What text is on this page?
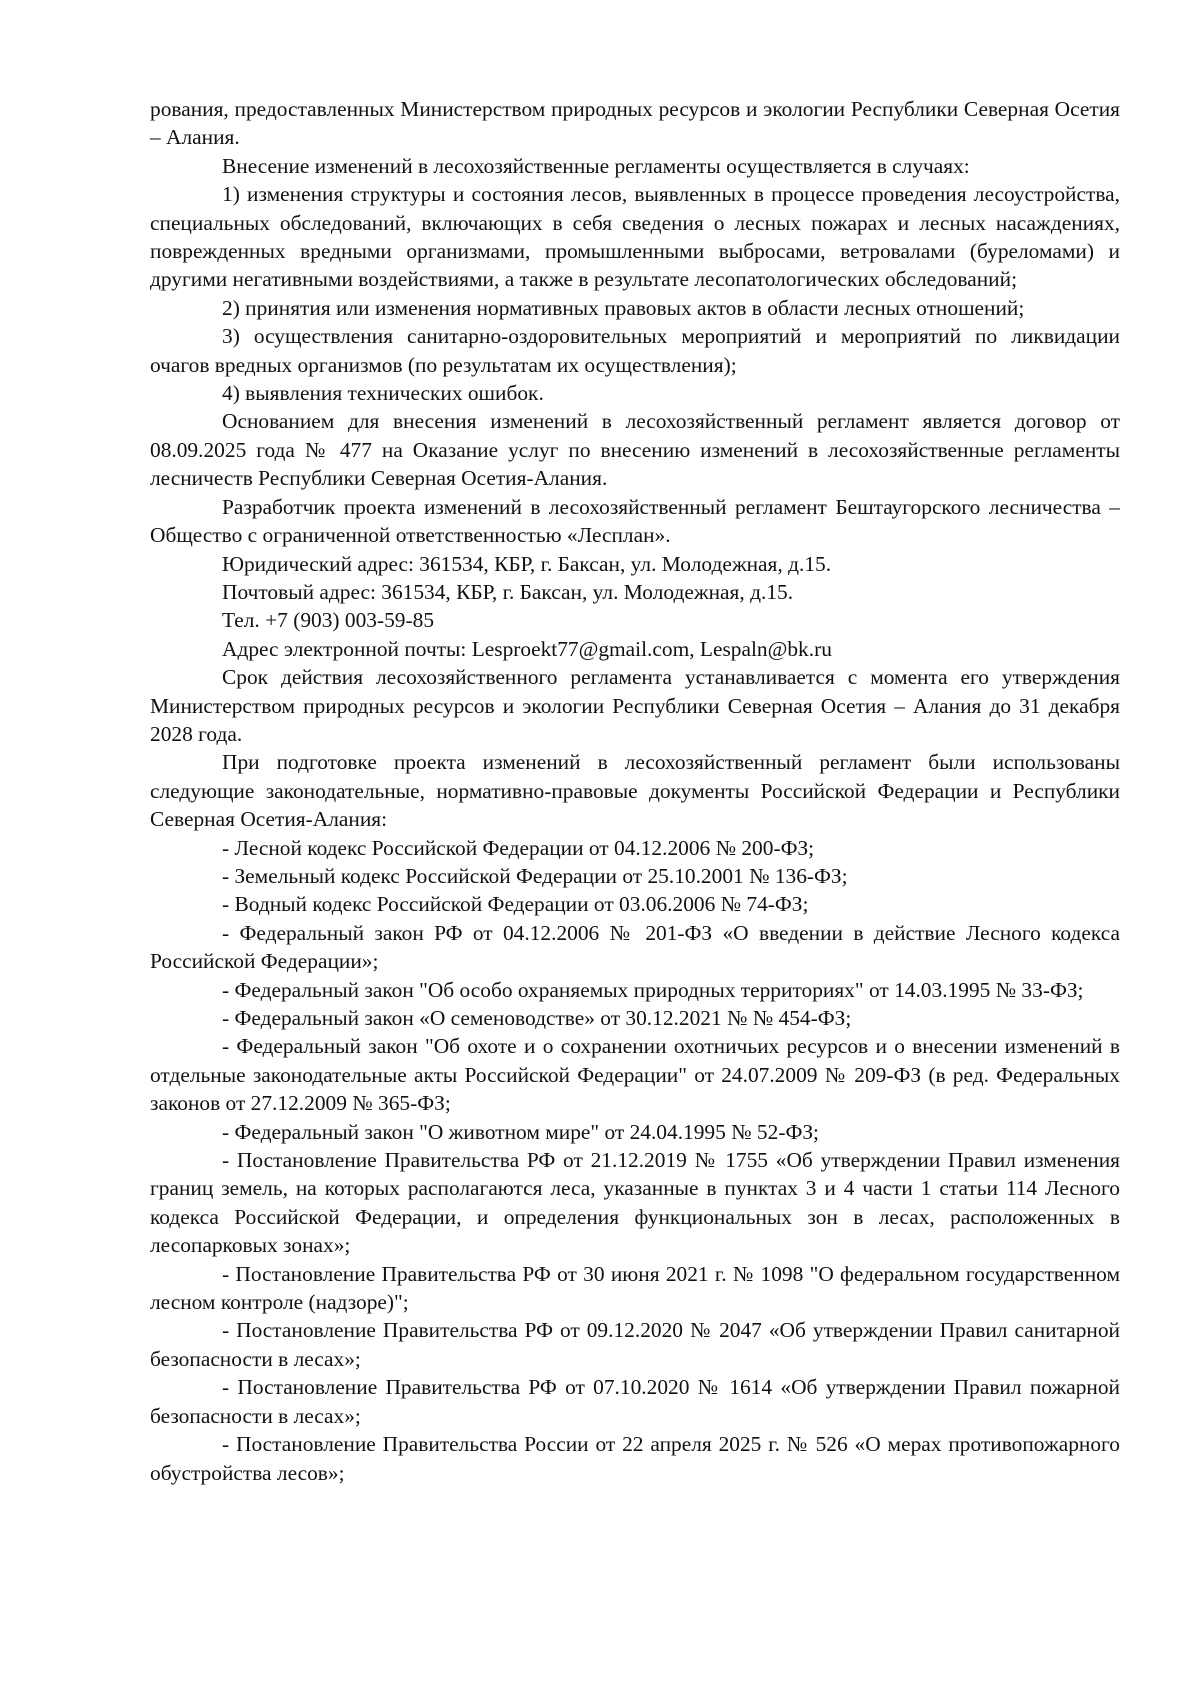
рования, предоставленных Министерством природных ресурсов и экологии Республики Северная Осетия – Алания.

Внесение изменений в лесохозяйственные регламенты осуществляется в случаях:

1) изменения структуры и состояния лесов, выявленных в процессе проведения лесоустройства, специальных обследований, включающих в себя сведения о лесных пожарах и лесных насаждениях, поврежденных вредными организмами, промышленными выбросами, ветровалами (буреломами) и другими негативными воздействиями, а также в результате лесопатологических обследований;

2) принятия или изменения нормативных правовых актов в области лесных отношений;

3) осуществления санитарно-оздоровительных мероприятий и мероприятий по ликвидации очагов вредных организмов (по результатам их осуществления);

4) выявления технических ошибок.

Основанием для внесения изменений в лесохозяйственный регламент является договор от 08.09.2025 года № 477 на Оказание услуг по внесению изменений в лесохозяйственные регламенты лесничеств Республики Северная Осетия-Алания.

Разработчик проекта изменений в лесохозяйственный регламент Бештаугорского лесничества – Общество с ограниченной ответственностью «Лесплан».

Юридический адрес: 361534, КБР, г. Баксан, ул. Молодежная, д.15.

Почтовый адрес: 361534, КБР, г. Баксан, ул. Молодежная, д.15.

Тел. +7 (903) 003-59-85

Адрес электронной почты: Lesproekt77@gmail.com, Lespaln@bk.ru

Срок действия лесохозяйственного регламента устанавливается с момента его утверждения Министерством природных ресурсов и экологии Республики Северная Осетия – Алания до 31 декабря 2028 года.

При подготовке проекта изменений в лесохозяйственный регламент были использованы следующие законодательные, нормативно-правовые документы Российской Федерации и Республики Северная Осетия-Алания:

- Лесной кодекс Российской Федерации от 04.12.2006 № 200-ФЗ;

- Земельный кодекс Российской Федерации от 25.10.2001 № 136-ФЗ;

- Водный кодекс Российской Федерации от 03.06.2006 № 74-ФЗ;

- Федеральный закон РФ от 04.12.2006 № 201-ФЗ «О введении в действие Лесного кодекса Российской Федерации»;

- Федеральный закон "Об особо охраняемых природных территориях" от 14.03.1995 № 33-ФЗ;

- Федеральный закон «О семеноводстве» от 30.12.2021 № № 454-ФЗ;

- Федеральный закон "Об охоте и о сохранении охотничьих ресурсов и о внесении изменений в отдельные законодательные акты Российской Федерации" от 24.07.2009 № 209-ФЗ (в ред. Федеральных законов от 27.12.2009 № 365-ФЗ;

- Федеральный закон "О животном мире" от 24.04.1995 № 52-ФЗ;

- Постановление Правительства РФ от 21.12.2019 № 1755 «Об утверждении Правил изменения границ земель, на которых располагаются леса, указанные в пунктах 3 и 4 части 1 статьи 114 Лесного кодекса Российской Федерации, и определения функциональных зон в лесах, расположенных в лесопарковых зонах»;

- Постановление Правительства РФ от 30 июня 2021 г. № 1098 "О федеральном государственном лесном контроле (надзоре)";

- Постановление Правительства РФ от 09.12.2020 № 2047 «Об утверждении Правил санитарной безопасности в лесах»;

- Постановление Правительства РФ от 07.10.2020 № 1614 «Об утверждении Правил пожарной безопасности в лесах»;

- Постановление Правительства России от 22 апреля 2025 г. № 526 «О мерах противопожарного обустройства лесов»;
